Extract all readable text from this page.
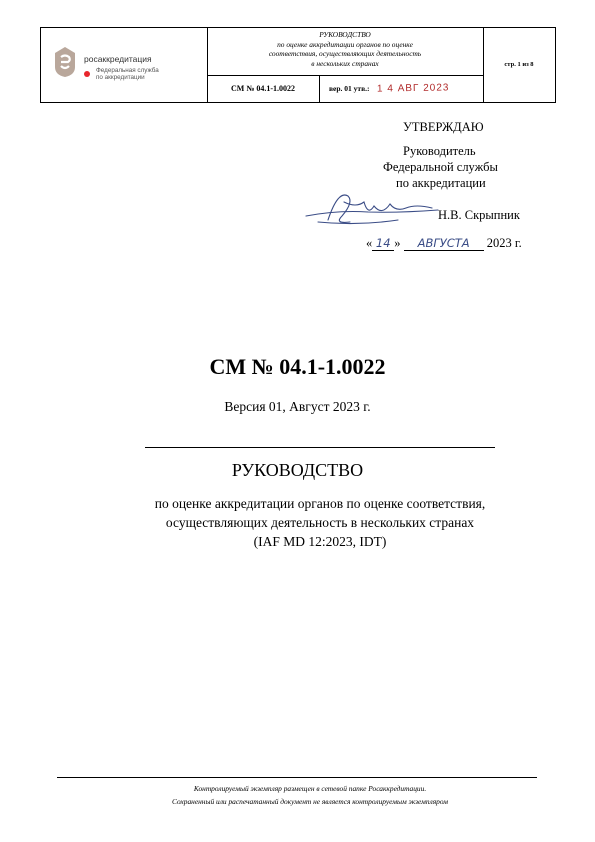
росаккредитация
Федеральная служба
по аккредитации
РУКОВОДСТВО
по оценке аккредитации органов по оценке
соответствия, осуществляющих деятельность
в нескольких странах
СМ № 04.1-1.0022	вер. 01 утв.: 1 4 АВГ 2023
стр. 1 из 8
УТВЕРЖДАЮ
Руководитель
Федеральной службы
по аккредитации
Н.В. Скрыпник
« 14 » АВГУСТА 2023 г.
СМ № 04.1-1.0022
Версия 01, Август 2023 г.
РУКОВОДСТВО
по оценке аккредитации органов по оценке соответствия,
осуществляющих деятельность в нескольких странах
(IAF MD 12:2023, IDT)
Контролируемый экземпляр размещен в сетевой папке Росаккредитации.
Сохраненный или распечатанный документ не является контролируемым экземпляром
